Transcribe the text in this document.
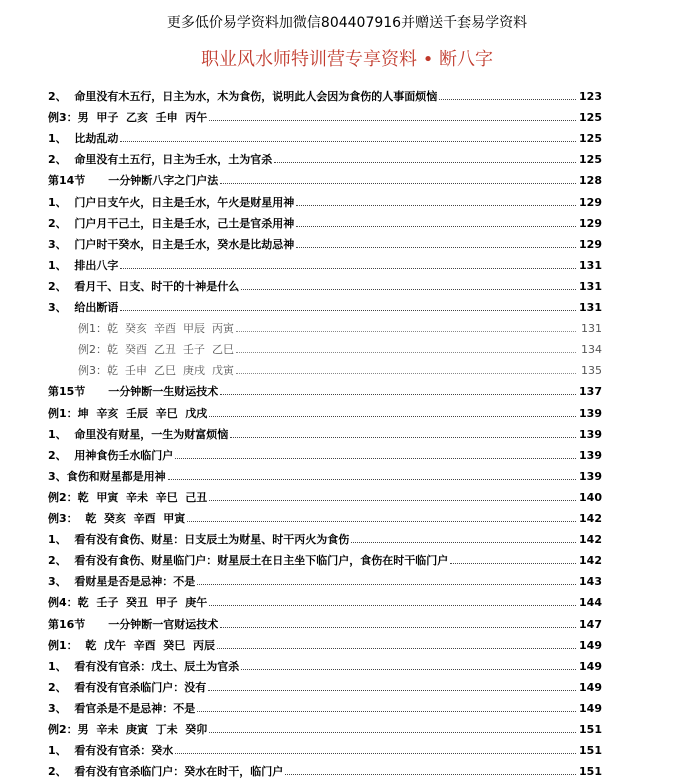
更多低价易学资料加微信804407916并赠送千套易学资料
职业风水师特训营专享资料 • 断八字
2、  命里没有木五行，日主为水，木为食伤，说明此人会因为食伤的人事面烦恼	123
例3：男  甲子  乙亥  壬申  丙午	125
1、  比劫乱动	125
2、  命里没有土五行，日主为壬水，土为官杀	125
第14节      一分钟断八字之门户法	128
1、  门户日支午火，日主是壬水，午火是财星用神	129
2、  门户月干己土，日主是壬水，己土是官杀用神	129
3、  门户时干癸水，日主是壬水，癸水是比劫忌神	129
1、  排出八字	131
2、  看月干、日支、时干的十神是什么	131
3、  给出断语	131
例1：乾  癸亥  辛酉  甲辰  丙寅	131
例2：乾  癸酉  乙丑  壬子  乙巳	134
例3：乾  壬申  乙巳  庚戌  戊寅	135
第15节      一分钟断一生财运技术	137
例1：坤  辛亥  壬辰  辛巳  戊戌	139
1、  命里没有财星，一生为财富烦恼	139
2、  用神食伤壬水临门户	139
3、食伤和财星都是用神	139
例2：乾  甲寅  辛未  辛巳  己丑	140
例3：  乾  癸亥  辛酉  甲寅	142
1、  看有没有食伤、财星：日支辰土为财星、时干丙火为食伤	142
2、  看有没有食伤、财星临门户：财星辰土在日主坐下临门户，食伤在时干临门户	142
3、  看财星是否是忌神：不是	143
例4：乾  壬子  癸丑  甲子  庚午	144
第16节      一分钟断一官财运技术	147
例1：  乾  戊午  辛酉  癸巳  丙辰	149
1、  看有没有官杀：戊土、辰土为官杀	149
2、  看有没有官杀临门户：没有	149
3、  看官杀是不是忌神：不是	149
例2：男  辛未  庚寅  丁未  癸卯	151
1、  看有没有官杀：癸水	151
2、  看有没有官杀临门户：癸水在时干，临门户	151
